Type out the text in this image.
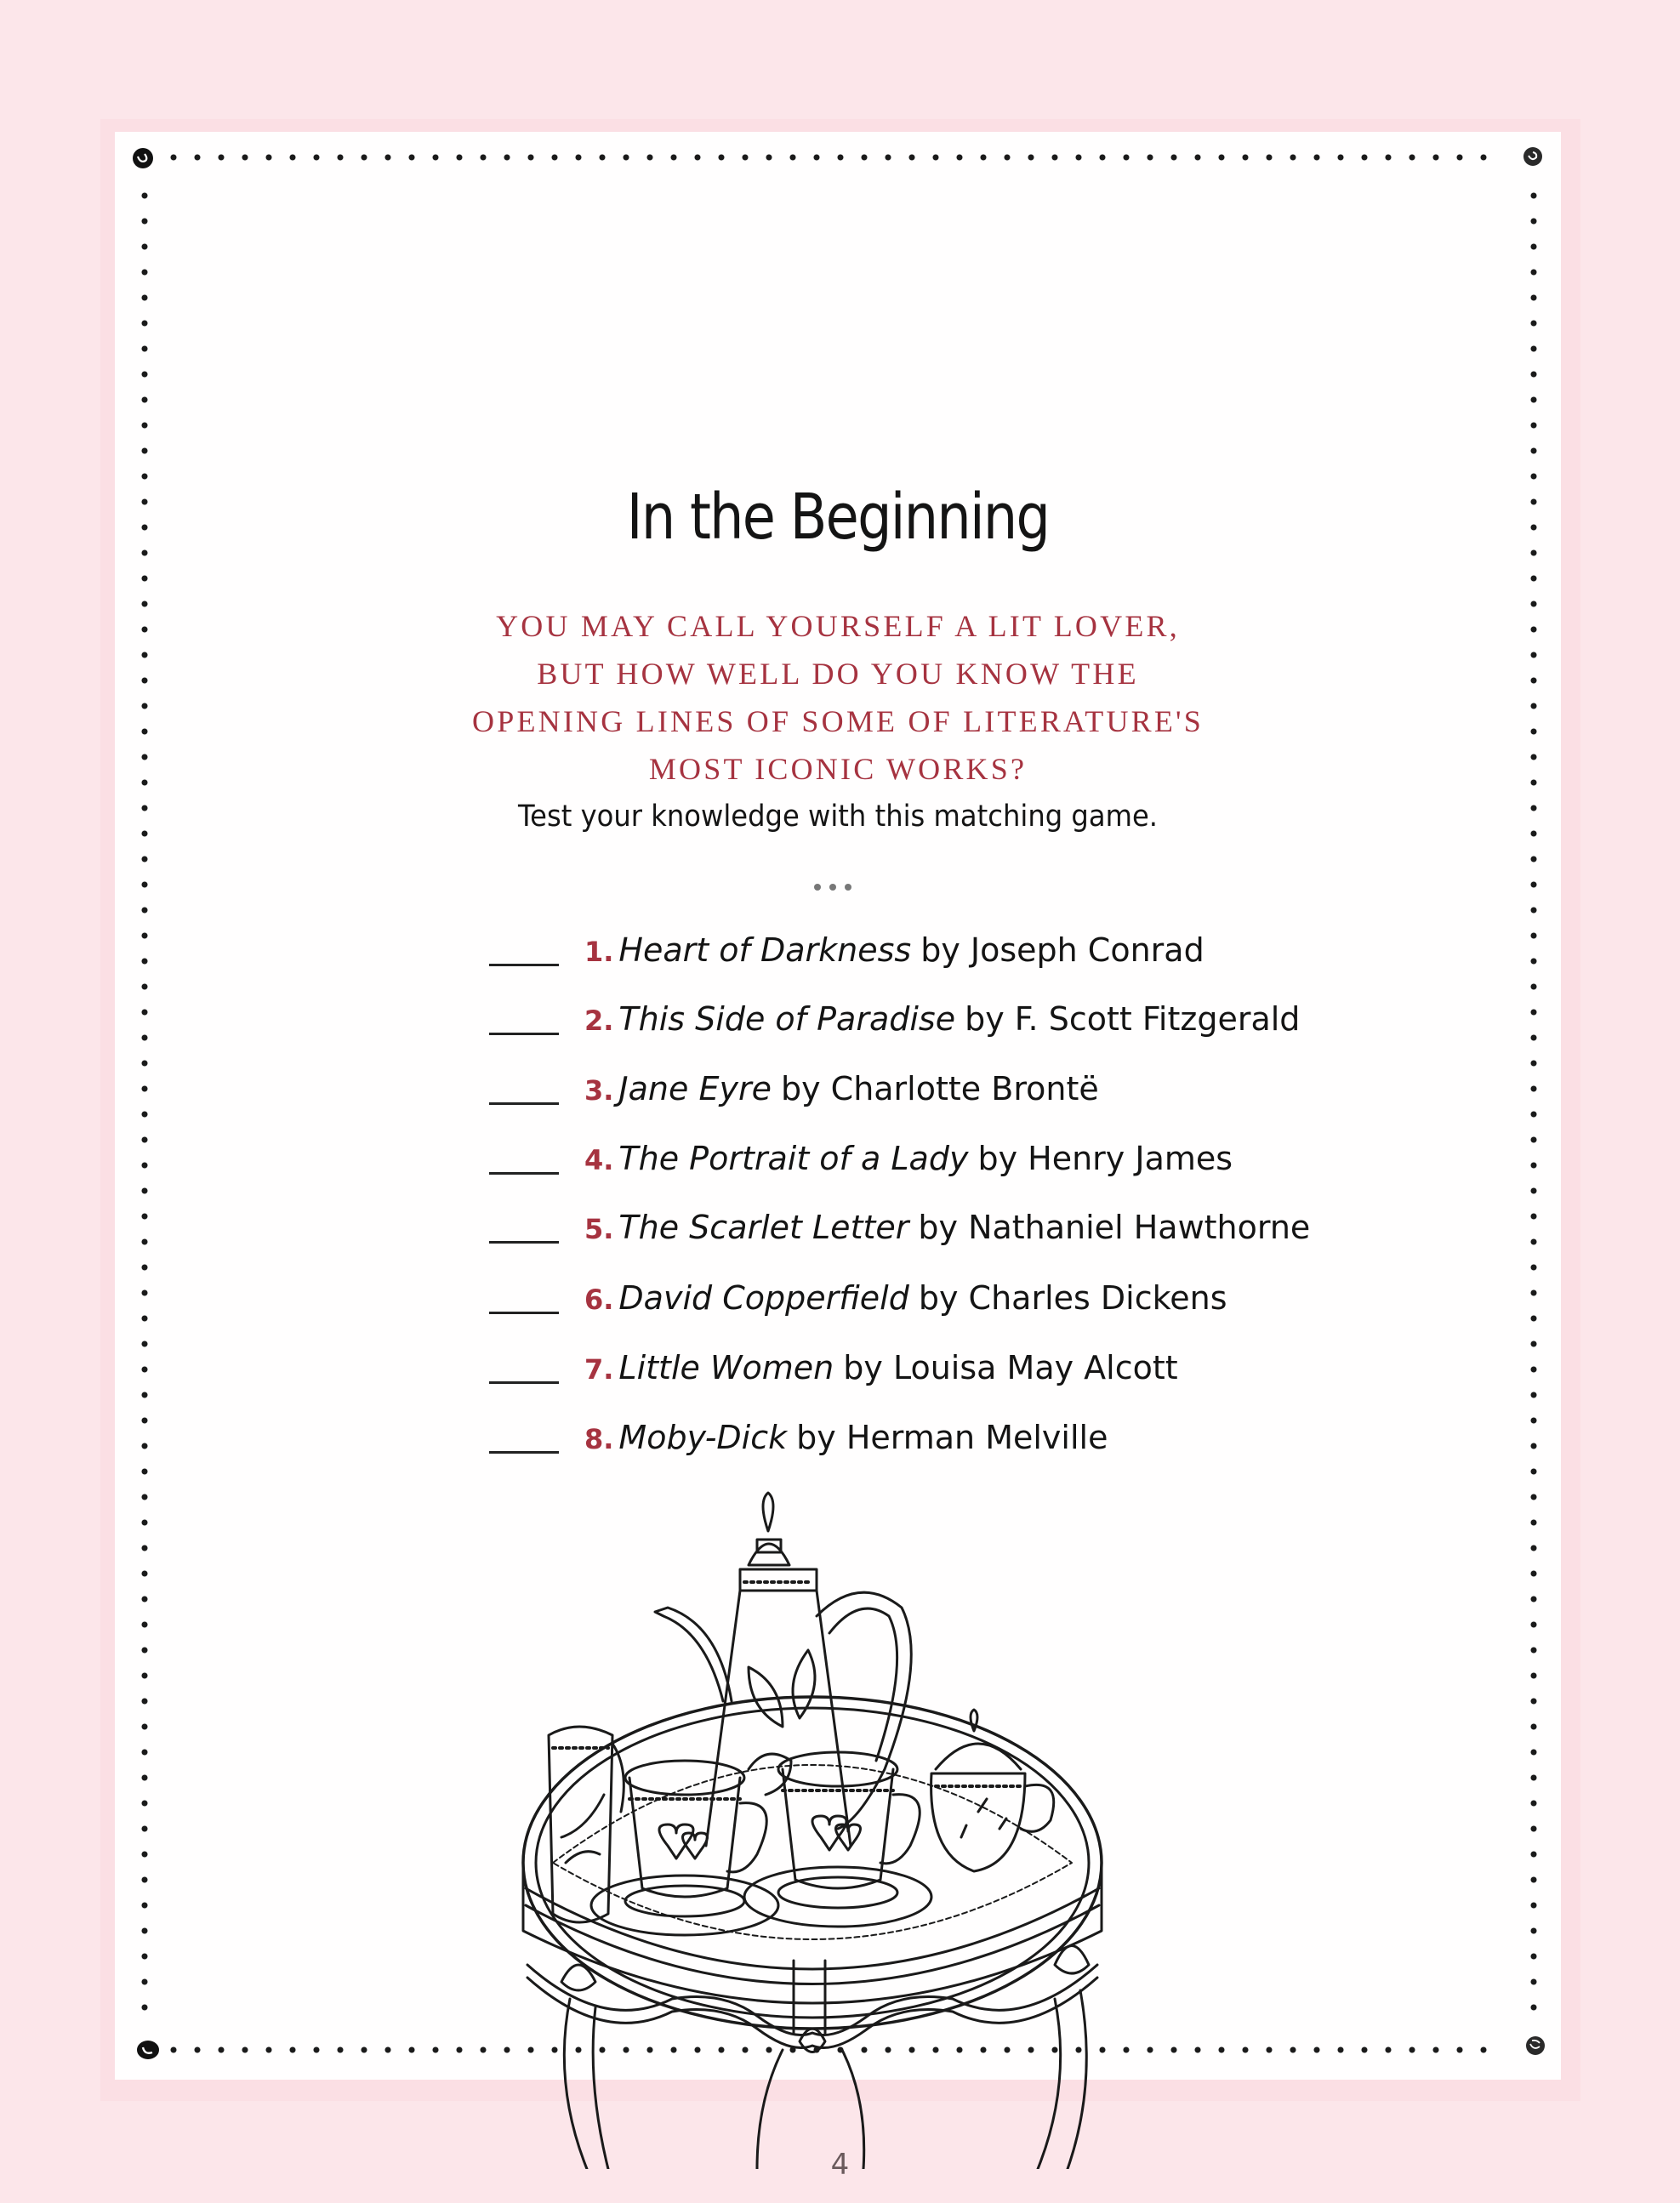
In the Beginning
YOU MAY CALL YOURSELF A LIT LOVER,
BUT HOW WELL DO YOU KNOW THE
OPENING LINES OF SOME OF LITERATURE'S
MOST ICONIC WORKS?
Test your knowledge with this matching game.
1. Heart of Darkness by Joseph Conrad
2. This Side of Paradise by F. Scott Fitzgerald
3. Jane Eyre by Charlotte Brontë
4. The Portrait of a Lady by Henry James
5. The Scarlet Letter by Nathaniel Hawthorne
6. David Copperfield by Charles Dickens
7. Little Women by Louisa May Alcott
8. Moby-Dick by Herman Melville
4
